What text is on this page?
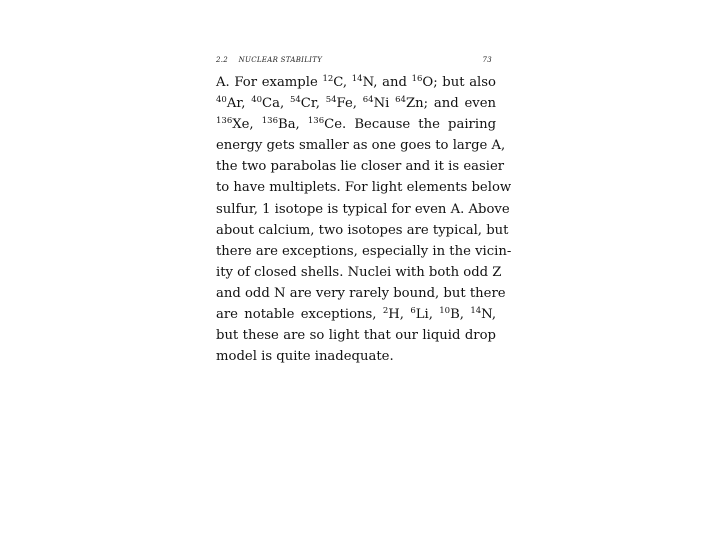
2.2 NUCLEAR STABILITY	73
A. For example $^{12}$C, $^{14}$N, and $^{16}$O; but also
$^{40}$Ar, $^{40}$Ca, $^{54}$Cr, $^{54}$Fe, $^{64}$Ni $^{64}$Zn; and even
$^{136}$Xe, $^{136}$Ba, $^{136}$Ce. Because the pairing
energy gets smaller as one goes to large A,
the two parabolas lie closer and it is easier
to have multiplets. For light elements below
sulfur, 1 isotope is typical for even A. Above
about calcium, two isotopes are typical, but
there are exceptions, especially in the vicin-
ity of closed shells. Nuclei with both odd Z
and odd N are very rarely bound, but there
are notable exceptions, $^2$H, $^6$Li, $^{10}$B, $^{14}$N,
but these are so light that our liquid drop
model is quite inadequate.
